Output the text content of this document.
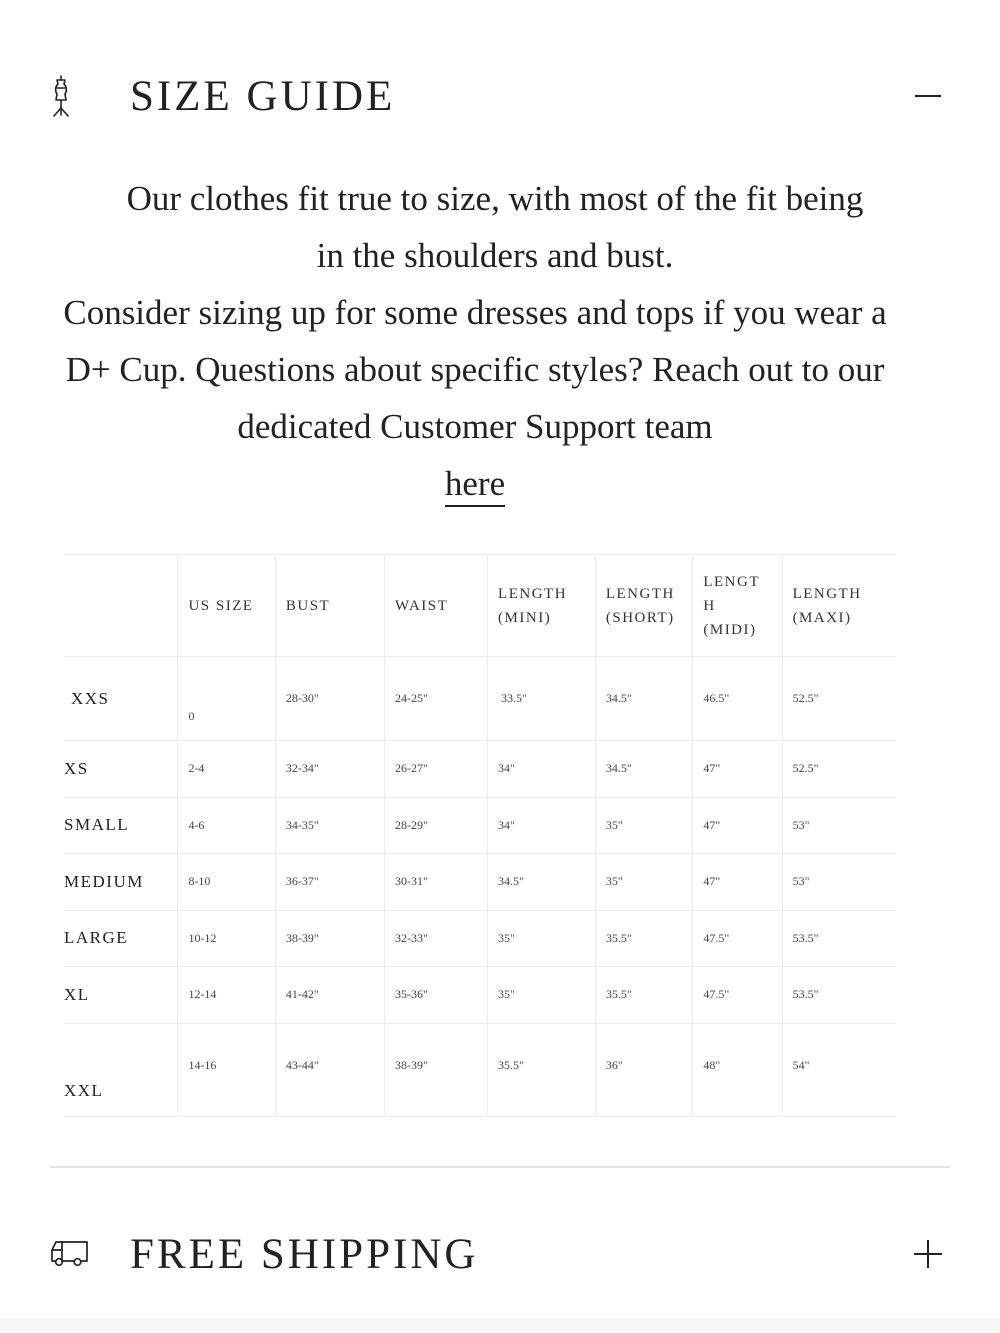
SIZE GUIDE

Our clothes fit true to size, with most of the fit being in the shoulders and bust.

Consider sizing up for some dresses and tops if you wear a D+ Cup. Questions about specific styles? Reach out to our dedicated Customer Support team
here

	US SIZE	BUST	WAIST	LENGTH (MINI)	LENGTH (SHORT)	LENGT H (MIDI)	LENGTH (MAXI)
XXS	0	28-30"	24-25"	33.5"	34.5"	46.5"	52.5"
XS	2-4	32-34"	26-27"	34"	34.5"	47"	52.5"
SMALL	4-6	34-35"	28-29"	34"	35"	47"	53"
MEDIUM	8-10	36-37"	30-31"	34.5"	35"	47"	53"
LARGE	10-12	38-39"	32-33"	35"	35.5"	47.5"	53.5"
XL	12-14	41-42"	35-36"	35"	35.5"	47.5"	53.5"
XXL	14-16	43-44"	38-39"	35.5"	36"	48"	54"
FREE SHIPPING
